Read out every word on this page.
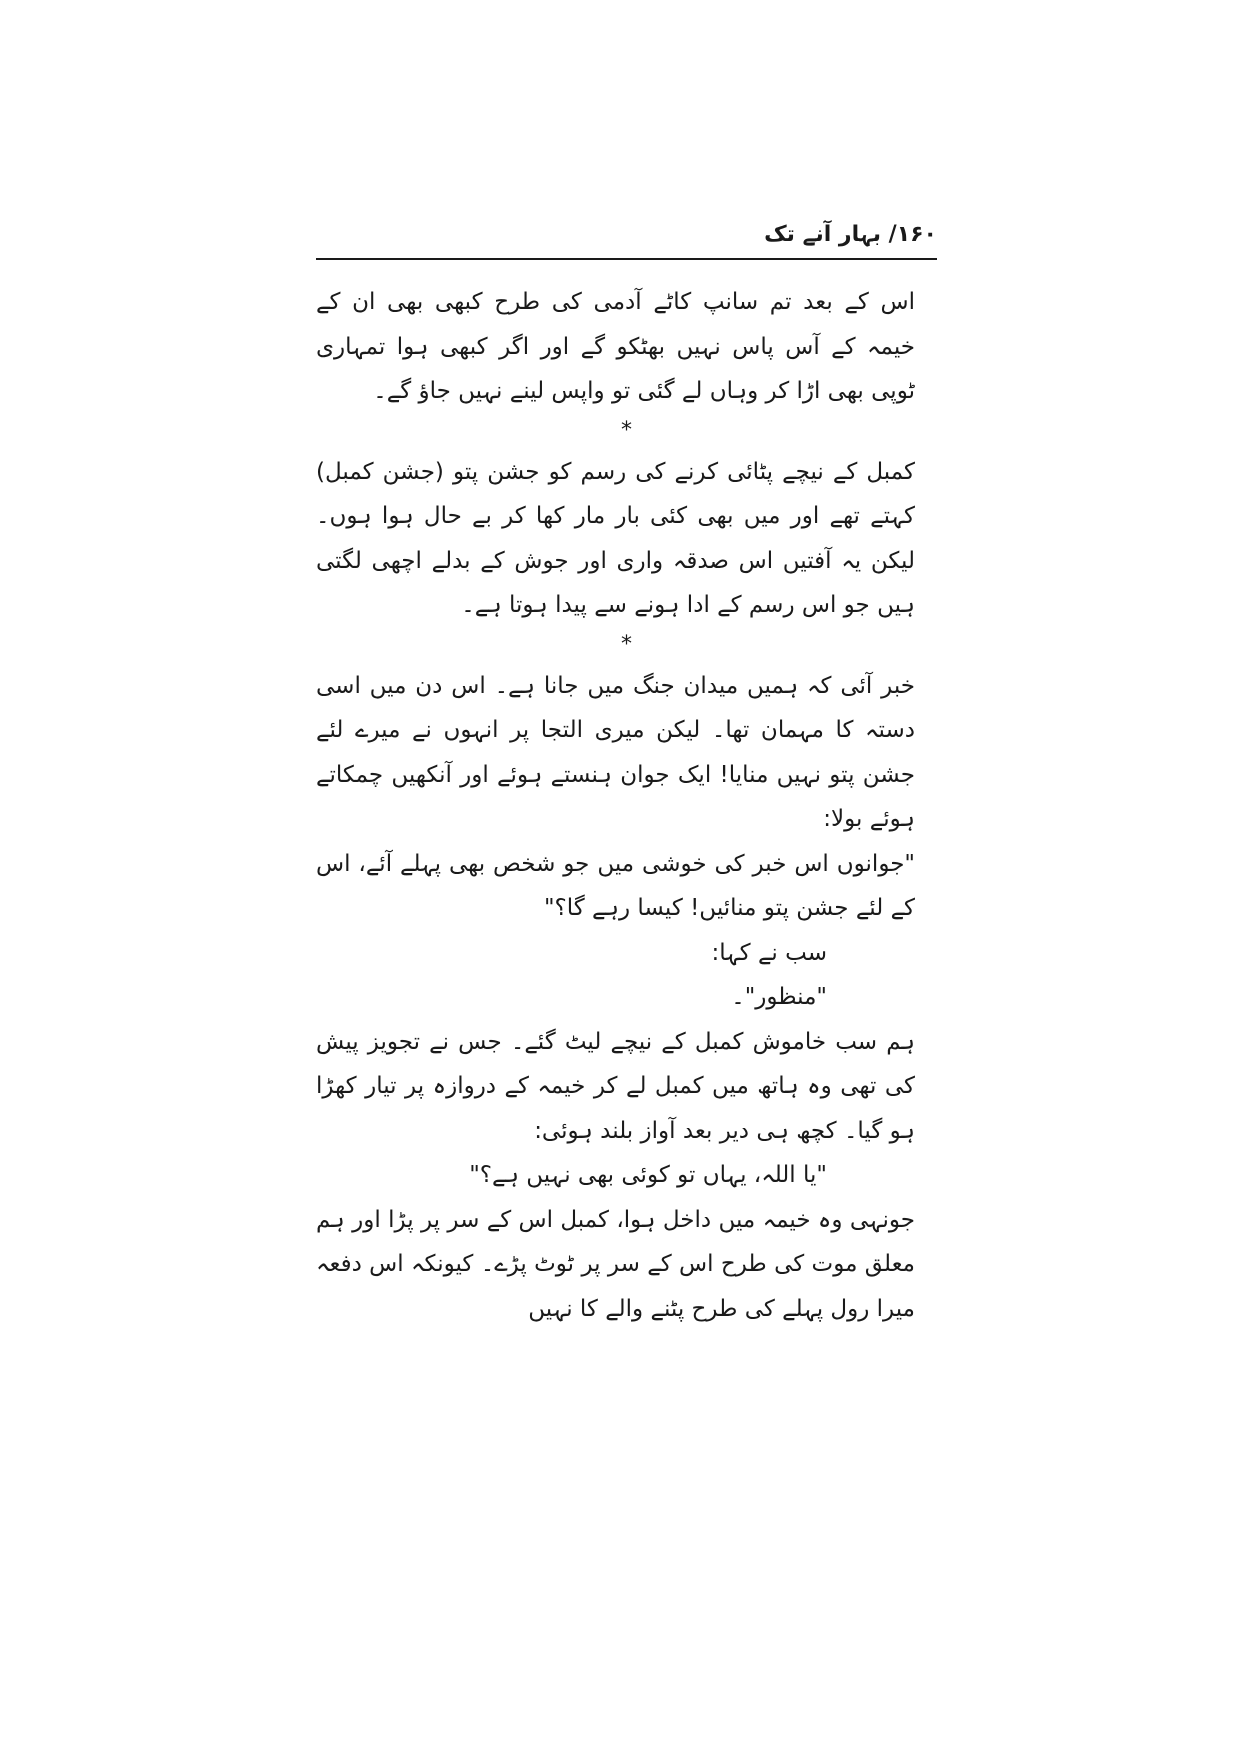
۱۶۰/ بہار آنے تک

اس کے بعد تم سانپ کاٹے آدمی کی طرح کبھی بھی ان کے خیمہ کے آس پاس نہیں بھٹکو گے اور اگر کبھی ہوا تمہاری ٹوپی بھی اڑا کر وہاں لے گئی تو واپس لینے نہیں جاؤ گے۔

*

کمبل کے نیچے پٹائی کرنے کی رسم کو جشن پتو (جشن کمبل) کہتے تھے اور میں بھی کئی بار مار کھا کر بے حال ہوا ہوں۔ لیکن یہ آفتیں اس صدقہ واری اور جوش کے بدلے اچھی لگتی ہیں جو اس رسم کے ادا ہونے سے پیدا ہوتا ہے۔

*

خبر آئی کہ ہمیں میدان جنگ میں جانا ہے۔ اس دن میں اسی دستہ کا مہمان تھا۔ لیکن میری التجا پر انہوں نے میرے لئے جشن پتو نہیں منایا! ایک جوان ہنستے ہوئے اور آنکھیں چمکاتے ہوئے بولا:

"جوانوں اس خبر کی خوشی میں جو شخص بھی پہلے آئے، اس کے لئے جشن پتو منائیں! کیسا رہے گا؟"

سب نے کہا:

"منظور"۔

ہم سب خاموش کمبل کے نیچے لیٹ گئے۔ جس نے تجویز پیش کی تھی وہ ہاتھ میں کمبل لے کر خیمہ کے دروازہ پر تیار کھڑا ہو گیا۔ کچھ ہی دیر بعد آواز بلند ہوئی:

"یا اللہ، یہاں تو کوئی بھی نہیں ہے؟"

جونہی وہ خیمہ میں داخل ہوا، کمبل اس کے سر پر پڑا اور ہم معلق موت کی طرح اس کے سر پر ٹوٹ پڑے۔ کیونکہ اس دفعہ میرا رول پہلے کی طرح پٹنے والے کا نہیں
